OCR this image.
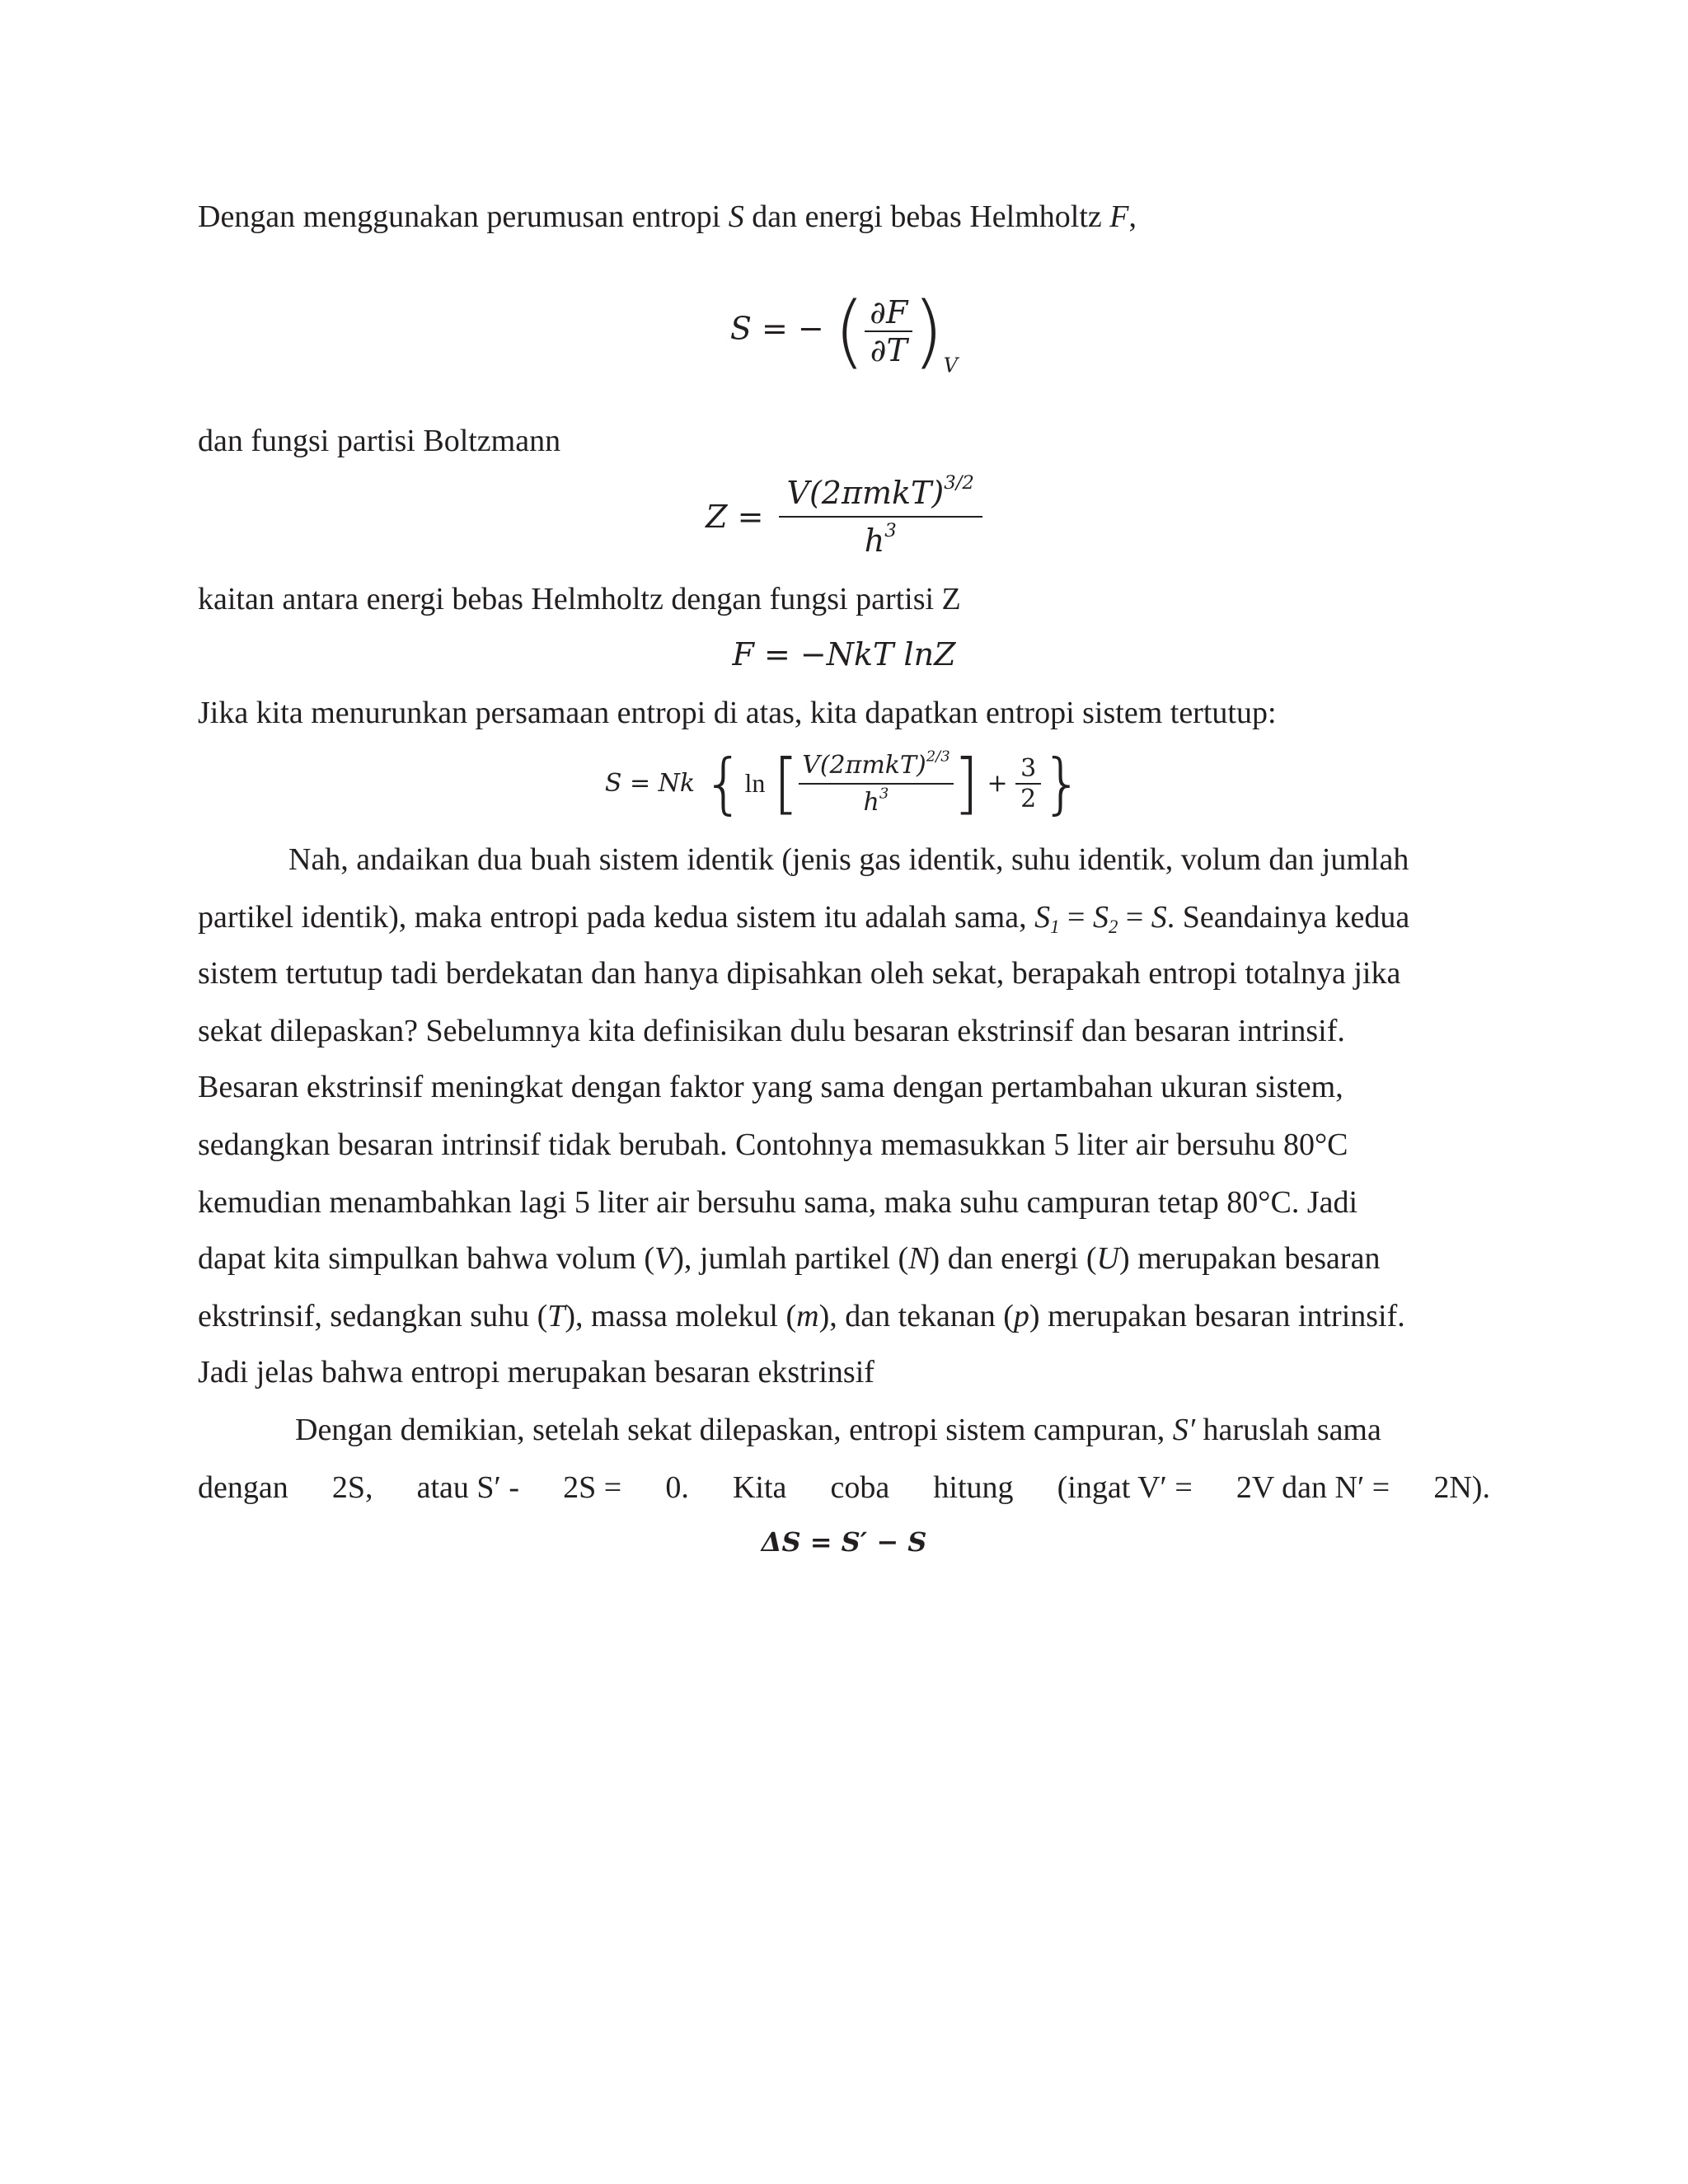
Dengan menggunakan perumusan entropi S dan energi bebas Helmholtz F,
S = − ( $\frac{\partial F}{\partial T} )_V$
dan fungsi partisi Boltzmann
$Z = \frac{V(2\pi mkT)^{3/2}}{h^3}$
kaitan antara energi bebas Helmholtz dengan fungsi partisi Z
F = −NkT lnZ
Jika kita menurunkan persamaan entropi di atas, kita dapatkan entropi sistem tertutup:
S = Nk {ln [ $\frac{V(2\pi mkT)^{2/3}}{h^3}$ ] + $\frac{3}{2}$ }
Nah, andaikan dua buah sistem identik (jenis gas identik, suhu identik, volum dan jumlah
partikel identik), maka entropi pada kedua sistem itu adalah sama, $S_1 = S_2 = S$. Seandainya kedua
sistem tertutup tadi berdekatan dan hanya dipisahkan oleh sekat, berapakah entropi totalnya jika
sekat dilepaskan? Sebelumnya kita definisikan dulu besaran ekstrinsif dan besaran intrinsif.
Besaran ekstrinsif meningkat dengan faktor yang sama dengan pertambahan ukuran sistem,
sedangkan besaran intrinsif tidak berubah. Contohnya memasukkan 5 liter air bersuhu 80°C
kemudian menambahkan lagi 5 liter air bersuhu sama, maka suhu campuran tetap 80°C. Jadi
dapat kita simpulkan bahwa volum (V), jumlah partikel (N) dan energi (U) merupakan besaran
ekstrinsif, sedangkan suhu (T), massa molekul (m), dan tekanan (p) merupakan besaran intrinsif.
Jadi jelas bahwa entropi merupakan besaran ekstrinsif
Dengan demikian, setelah sekat dilepaskan, entropi sistem campuran, S′ haruslah sama
dengan 2S, atau S′ - 2S = 0. Kita coba hitung (ingat V′ = 2V dan N′ = 2N).
ΔS = S′ − S
